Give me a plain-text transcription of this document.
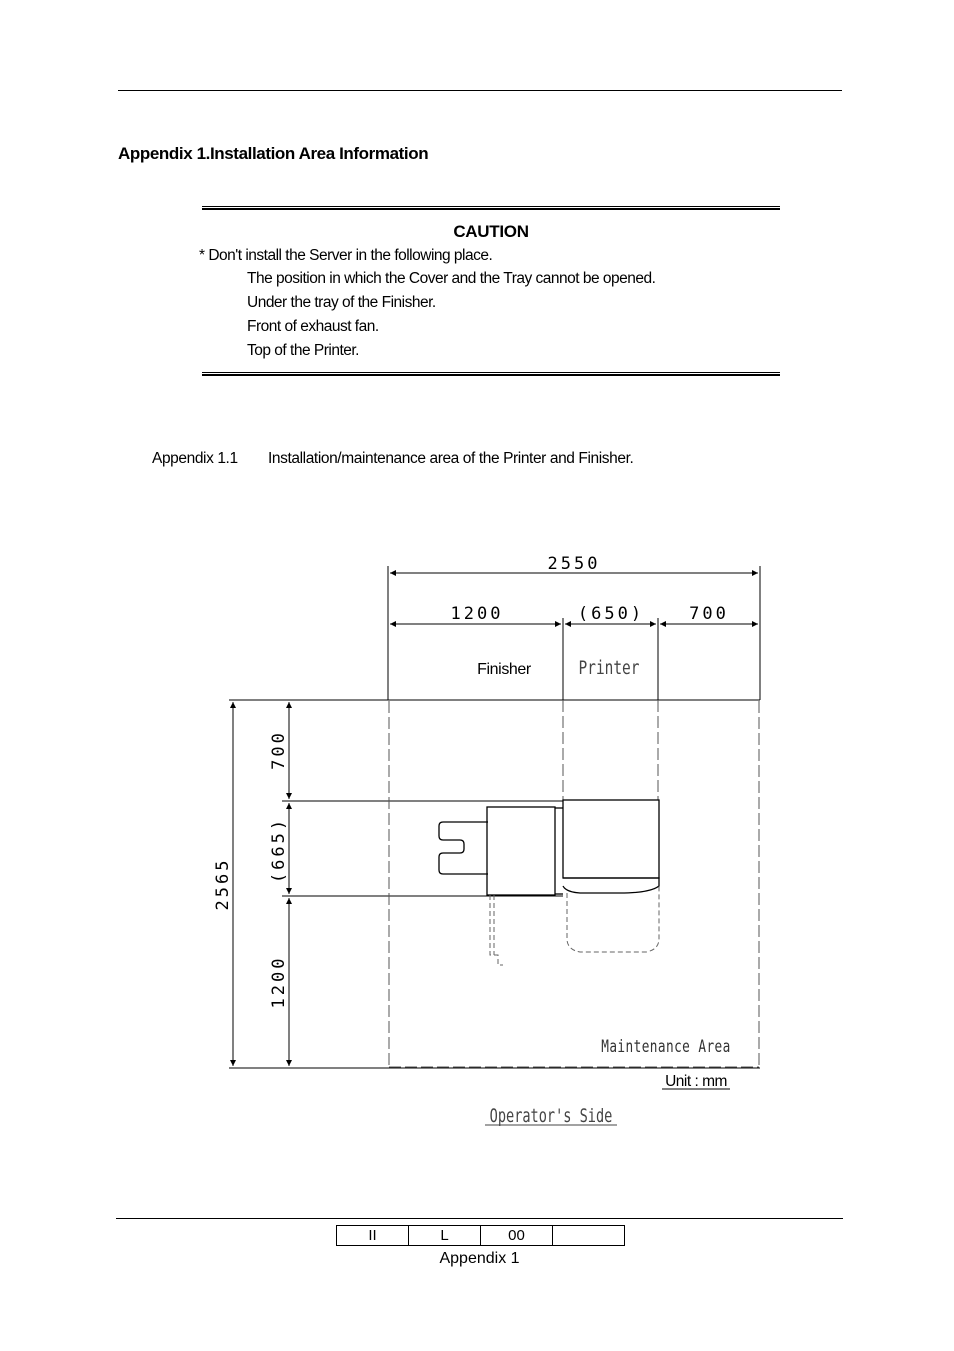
Appendix 1.Installation Area Information
CAUTION
* Don't install the Server in the following place.
The position in which the Cover and the Tray cannot be opened.
Under the tray of the Finisher.
Front of exhaust fan.
Top of the Printer.
Appendix 1.1 Installation/maintenance area of the Printer and Finisher.
2550
1200	(650)	700
2565
700
(665)
1200
Finisher	Printer
Maintenance Area
Unit : mm
Operator's Side
II	L	00	
Appendix 1
